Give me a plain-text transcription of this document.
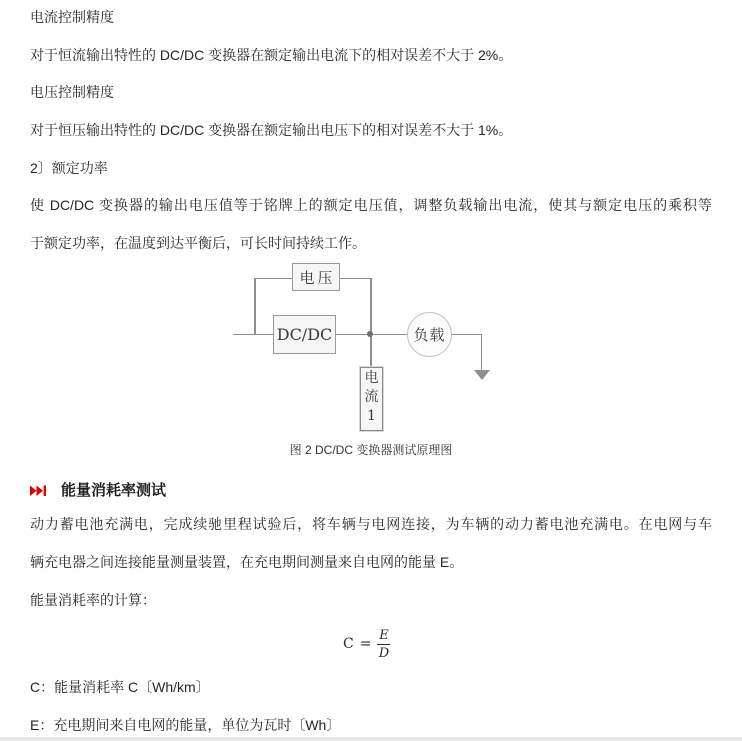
电流控制精度
对于恒流输出特性的 DC/DC 变换器在额定输出电流下的相对误差不大于 2%。
电压控制精度
对于恒压输出特性的 DC/DC 变换器在额定输出电压下的相对误差不大于 1%。
2〕额定功率
使 DC/DC 变换器的输出电压值等于铭牌上的额定电压值，调整负载输出电流，使其与额定电压的乘积等
于额定功率，在温度到达平衡后，可长时间持续工作。
电压
DC/DC	负载
电流1
图 2 DC/DC 变换器测试原理图
能量消耗率测试
动力蓄电池充满电，完成续驰里程试验后，将车辆与电网连接，为车辆的动力蓄电池充满电。在电网与车
辆充电器之间连接能量测量装置，在充电期间测量来自电网的能量 E。
能量消耗率的计算：
$C = \frac{E}{D}$
C：能量消耗率 C〔Wh/km〕
E：充电期间来自电网的能量，单位为瓦时〔Wh〕
